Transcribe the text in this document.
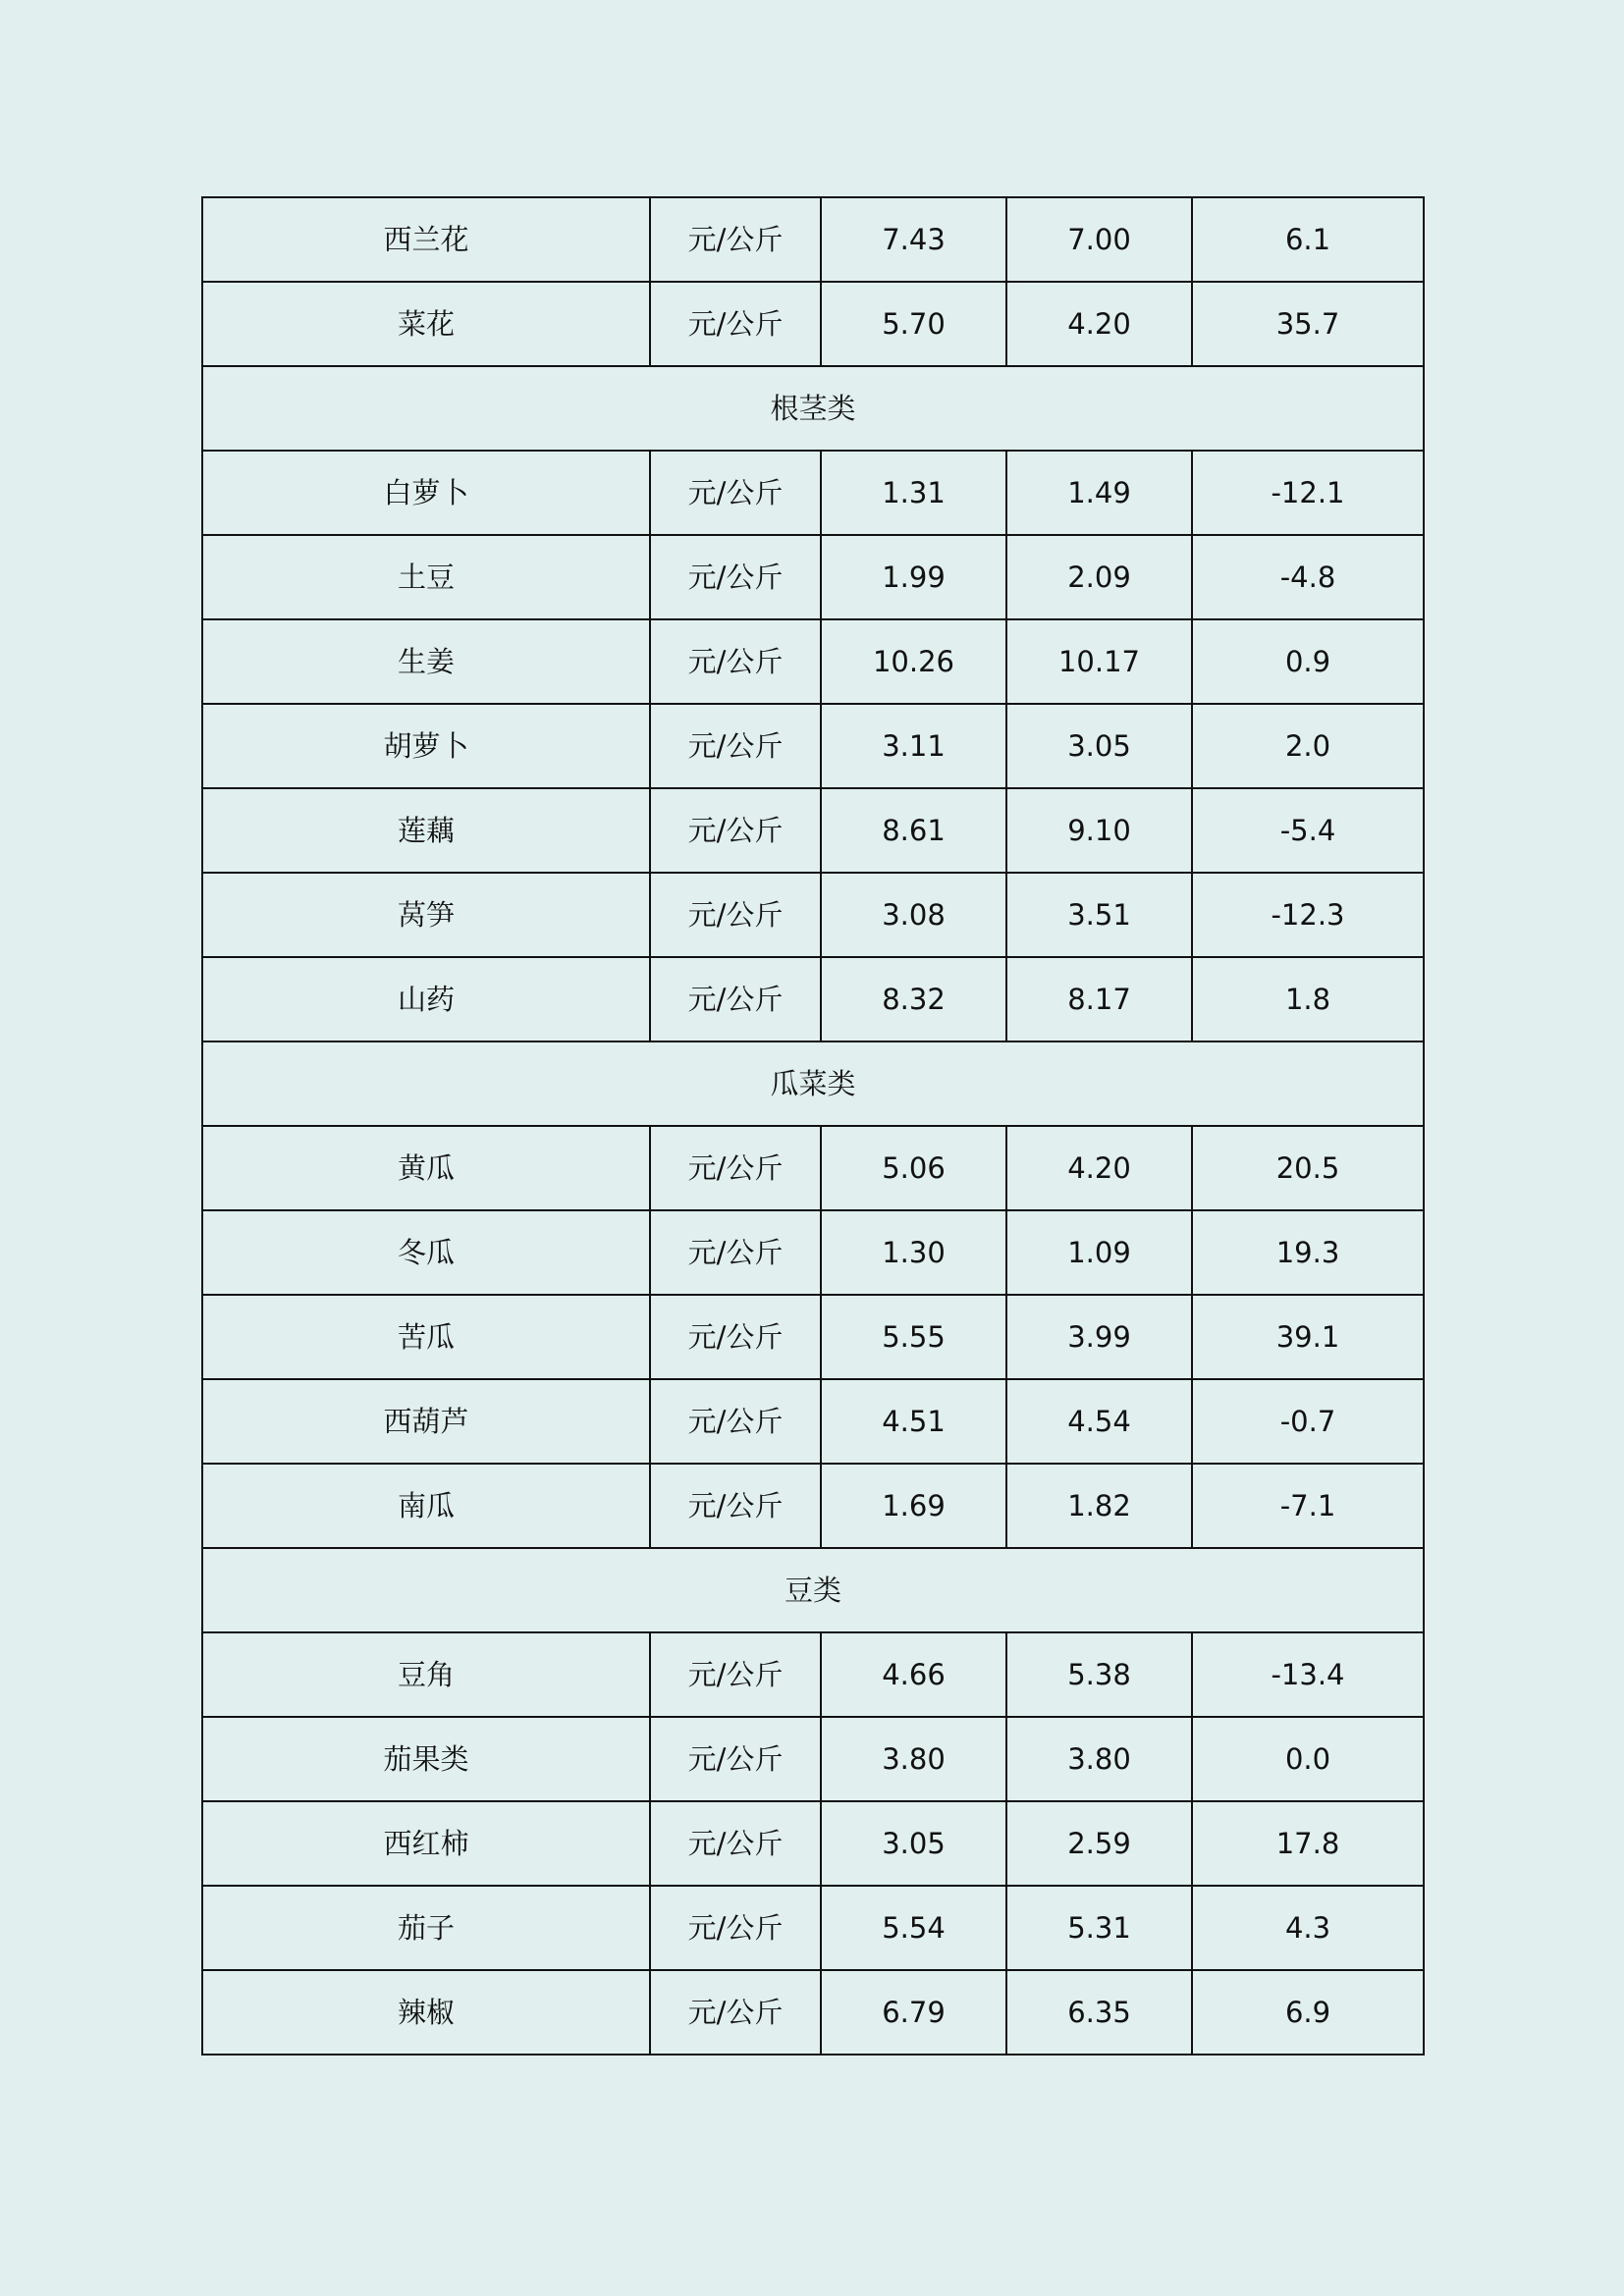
西兰花	元/公斤	7.43	7.00	6.1
菜花	元/公斤	5.70	4.20	35.7
根茎类				
白萝卜	元/公斤	1.31	1.49	-12.1
土豆	元/公斤	1.99	2.09	-4.8
生姜	元/公斤	10.26	10.17	0.9
胡萝卜	元/公斤	3.11	3.05	2.0
莲藕	元/公斤	8.61	9.10	-5.4
莴笋	元/公斤	3.08	3.51	-12.3
山药	元/公斤	8.32	8.17	1.8
瓜菜类				
黄瓜	元/公斤	5.06	4.20	20.5
冬瓜	元/公斤	1.30	1.09	19.3
苦瓜	元/公斤	5.55	3.99	39.1
西葫芦	元/公斤	4.51	4.54	-0.7
南瓜	元/公斤	1.69	1.82	-7.1
豆类				
豆角	元/公斤	4.66	5.38	-13.4
茄果类	元/公斤	3.80	3.80	0.0
西红柿	元/公斤	3.05	2.59	17.8
茄子	元/公斤	5.54	5.31	4.3
辣椒	元/公斤	6.79	6.35	6.9
